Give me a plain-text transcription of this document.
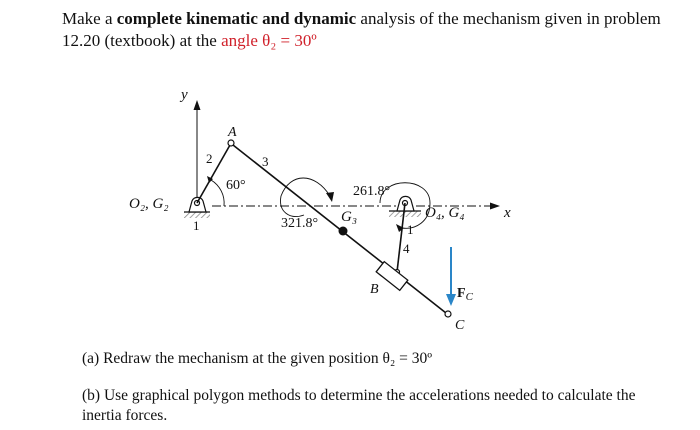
Make a complete kinematic and dynamic analysis of the mechanism given in problem 12.20 (textbook) at the angle θ₂ = 30º
y
x
60°
321.8°
261.8°
O₂, G₂
A
2	3
1
G₃	O₄, G₄
1
4
B	$F_C$
C
(a) Redraw the mechanism at the given position θ₂ = 30º
(b) Use graphical polygon methods to determine the accelerations needed to calculate the inertia forces.
